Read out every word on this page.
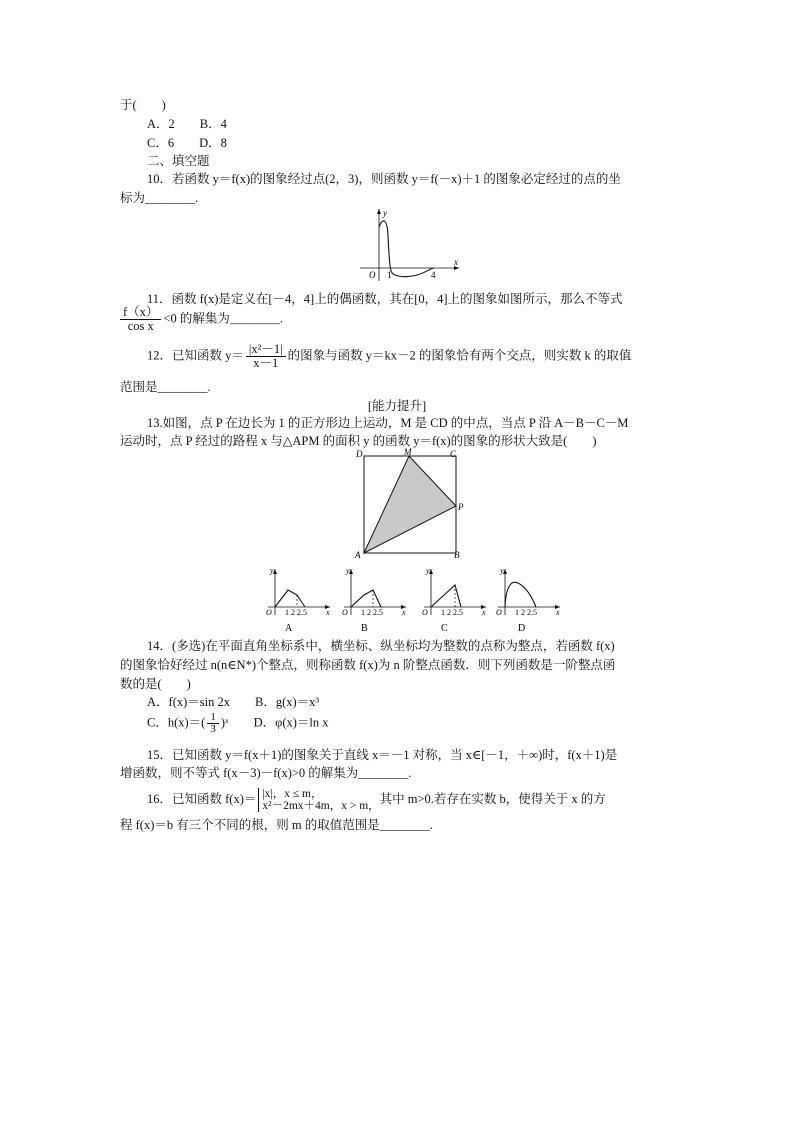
于(　　)
A．2　　B．4
C．6　　D．8
二、填空题
10．若函数 y＝f(x)的图象经过点(2，3)，则函数 y＝f(－x)＋1 的图象必定经过的点的坐
标为________.
y
x
O 1	4
11．函数 f(x)是定义在[－4，4]上的偶函数，其在[0，4]上的图象如图所示，那么不等式
$\frac{f(x)}{\text{cos x}} <0$ 的解集为________.
12．已知函数 $y= \frac{\text{|x²－1|}}{x-1}$ 的图象与函数 y＝kx－2 的图象恰有两个交点，则实数 k 的取值
范围是________.
[能力提升]
13.如图，点 P 在边长为 1 的正方形边上运动，M 是 CD 的中点，当点 P 沿 A－B－C－M
运动时，点 P 经过的路程 x 与△APM 的面积 y 的函数 y＝f(x)的图象的形状大致是(　　)
D	M	C
P
A	B
y
x
O 1 2 2.5
A
y
x
O 1 2 2.5
B
y
x
O 1 2 2.5
C
y
x
O 1 2 2.5
D
14．(多选)在平面直角坐标系中，横坐标、纵坐标均为整数的点称为整点，若函数 f(x)
的图象恰好经过 n(n∈N*)个整点，则称函数 f(x)为 n 阶整点函数．则下列函数是一阶整点函
数的是(　　)
A．f(x)＝sin 2x　　B．g(x)＝x³
C．$h(x)=( \frac{1}{3}$ )ˣ　　D．φ(x)＝ln x
15．已知函数 y＝f(x＋1)的图象关于直线 x＝－1 对称，当 x∈[－1，＋∞)时，f(x＋1)是
增函数，则不等式 f(x－3)－f(x)>0 的解集为________.
16．已知函数 f(x)＝ |x|，x ≤ m，
x²－2mx＋4m，x > m，
其中 m>0.若存在实数 b，使得关于 x 的方
程 f(x)＝b 有三个不同的根，则 m 的取值范围是________.
